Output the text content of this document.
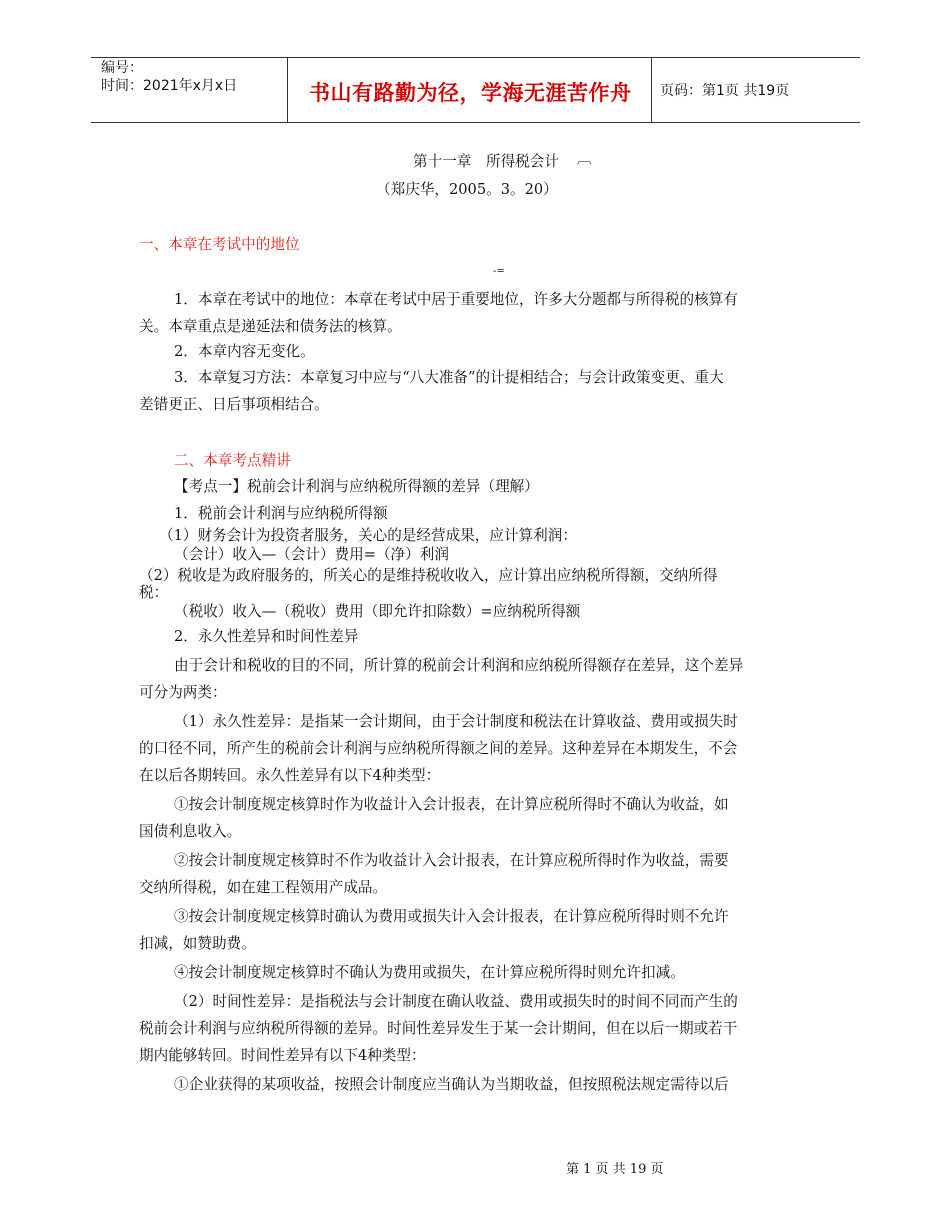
编号：
时间：2021年x月x日	书山有路勤为径，学海无涯苦作舟 页码：第1页 共19页
第十一章　所得税会计 ︹
（郑庆华，2005。3。20）
一、本章在考试中的地位
-=
1．本章在考试中的地位：本章在考试中居于重要地位，许多大分题都与所得税的核算有
关。本章重点是递延法和债务法的核算。
2．本章内容无变化。
3．本章复习方法：本章复习中应与“八大准备”的计提相结合；与会计政策变更、重大
差错更正、日后事项相结合。
二、本章考点精讲
【考点一】税前会计利润与应纳税所得额的差异（理解）
1．税前会计利润与应纳税所得额
（1）财务会计为投资者服务，关心的是经营成果，应计算利润：
（会计）收入—（会计）费用=（净）利润
（2）税收是为政府服务的，所关心的是维持税收收入，应计算出应纳税所得额，交纳所得
税：
（税收）收入—（税收）费用（即允许扣除数）=应纳税所得额
2．永久性差异和时间性差异
由于会计和税收的目的不同，所计算的税前会计利润和应纳税所得额存在差异，这个差异
可分为两类：
（1）永久性差异：是指某一会计期间，由于会计制度和税法在计算收益、费用或损失时
的口径不同，所产生的税前会计利润与应纳税所得额之间的差异。这种差异在本期发生，不会
在以后各期转回。永久性差异有以下4种类型：
①按会计制度规定核算时作为收益计入会计报表，在计算应税所得时不确认为收益，如
国债利息收入。
②按会计制度规定核算时不作为收益计入会计报表，在计算应税所得时作为收益，需要
交纳所得税，如在建工程领用产成品。
③按会计制度规定核算时确认为费用或损失计入会计报表，在计算应税所得时则不允许
扣减，如赞助费。
④按会计制度规定核算时不确认为费用或损失，在计算应税所得时则允许扣减。
（2）时间性差异：是指税法与会计制度在确认收益、费用或损失时的时间不同而产生的
税前会计利润与应纳税所得额的差异。时间性差异发生于某一会计期间，但在以后一期或若干
期内能够转回。时间性差异有以下4种类型：
①企业获得的某项收益，按照会计制度应当确认为当期收益，但按照税法规定需待以后
第 1 页 共 19 页
